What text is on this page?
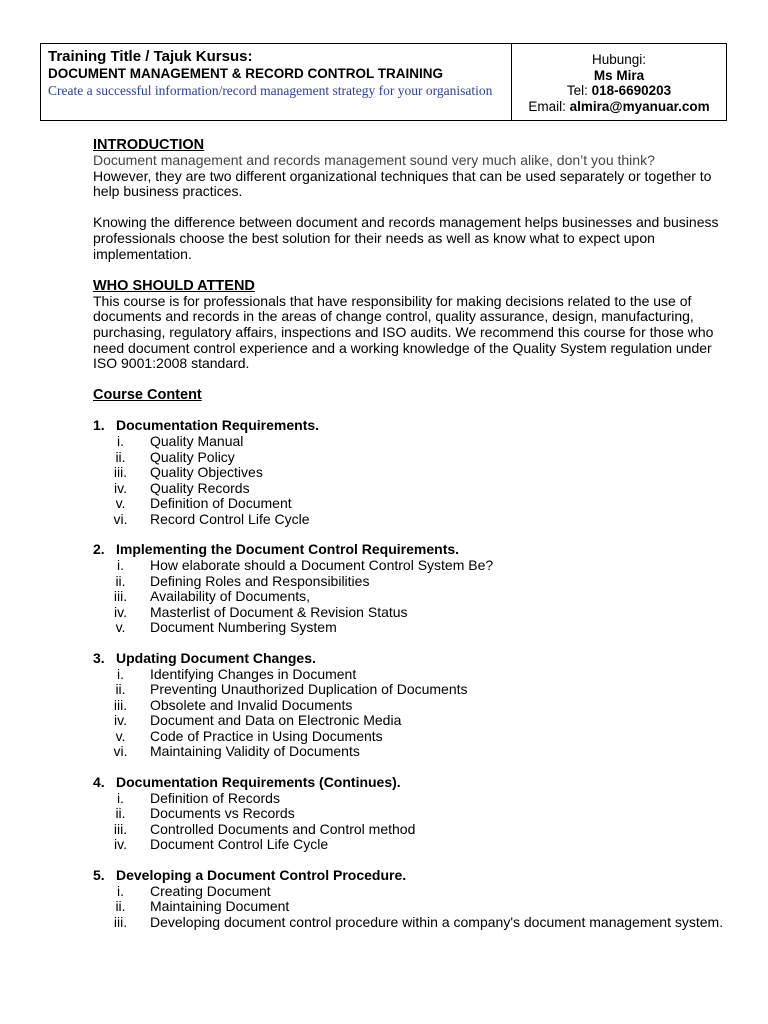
Training Title / Tajuk Kursus:
DOCUMENT MANAGEMENT & RECORD CONTROL TRAINING
Create a successful information/record management strategy for your organisation
Hubungi:
Ms Mira
Tel: 018-6690203
Email: almira@myanuar.com
INTRODUCTION

Document management and records management sound very much alike, don’t you think?

However, they are two different organizational techniques that can be used separately or together to help business practices.

Knowing the difference between document and records management helps businesses and business professionals choose the best solution for their needs as well as know what to expect upon implementation.

WHO SHOULD ATTEND

This course is for professionals that have responsibility for making decisions related to the use of documents and records in the areas of change control, quality assurance, design, manufacturing, purchasing, regulatory affairs, inspections and ISO audits. We recommend this course for those who need document control experience and a working knowledge of the Quality System regulation under ISO 9001:2008 standard.

Course Content
1. Documentation Requirements.
i.	Quality Manual
ii.	Quality Policy
iii.	Quality Objectives
iv.	Quality Records
v.	Definition of Document
vi.	Record Control Life Cycle
2. Implementing the Document Control Requirements.
i.	How elaborate should a Document Control System Be?
ii.	Defining Roles and Responsibilities
iii.	Availability of Documents,
iv.	Masterlist of Document & Revision Status
v.	Document Numbering System
3. Updating Document Changes.
i.	Identifying Changes in Document
ii.	Preventing Unauthorized Duplication of Documents
iii.	Obsolete and Invalid Documents
iv.	Document and Data on Electronic Media
v.	Code of Practice in Using Documents
vi.	Maintaining Validity of Documents
4. Documentation Requirements (Continues).
i.	Definition of Records
ii.	Documents vs Records
iii.	Controlled Documents and Control method
iv.	Document Control Life Cycle
5. Developing a Document Control Procedure.
i.	Creating Document
ii.	Maintaining Document
iii.	Developing document control procedure within a company's document management system.
